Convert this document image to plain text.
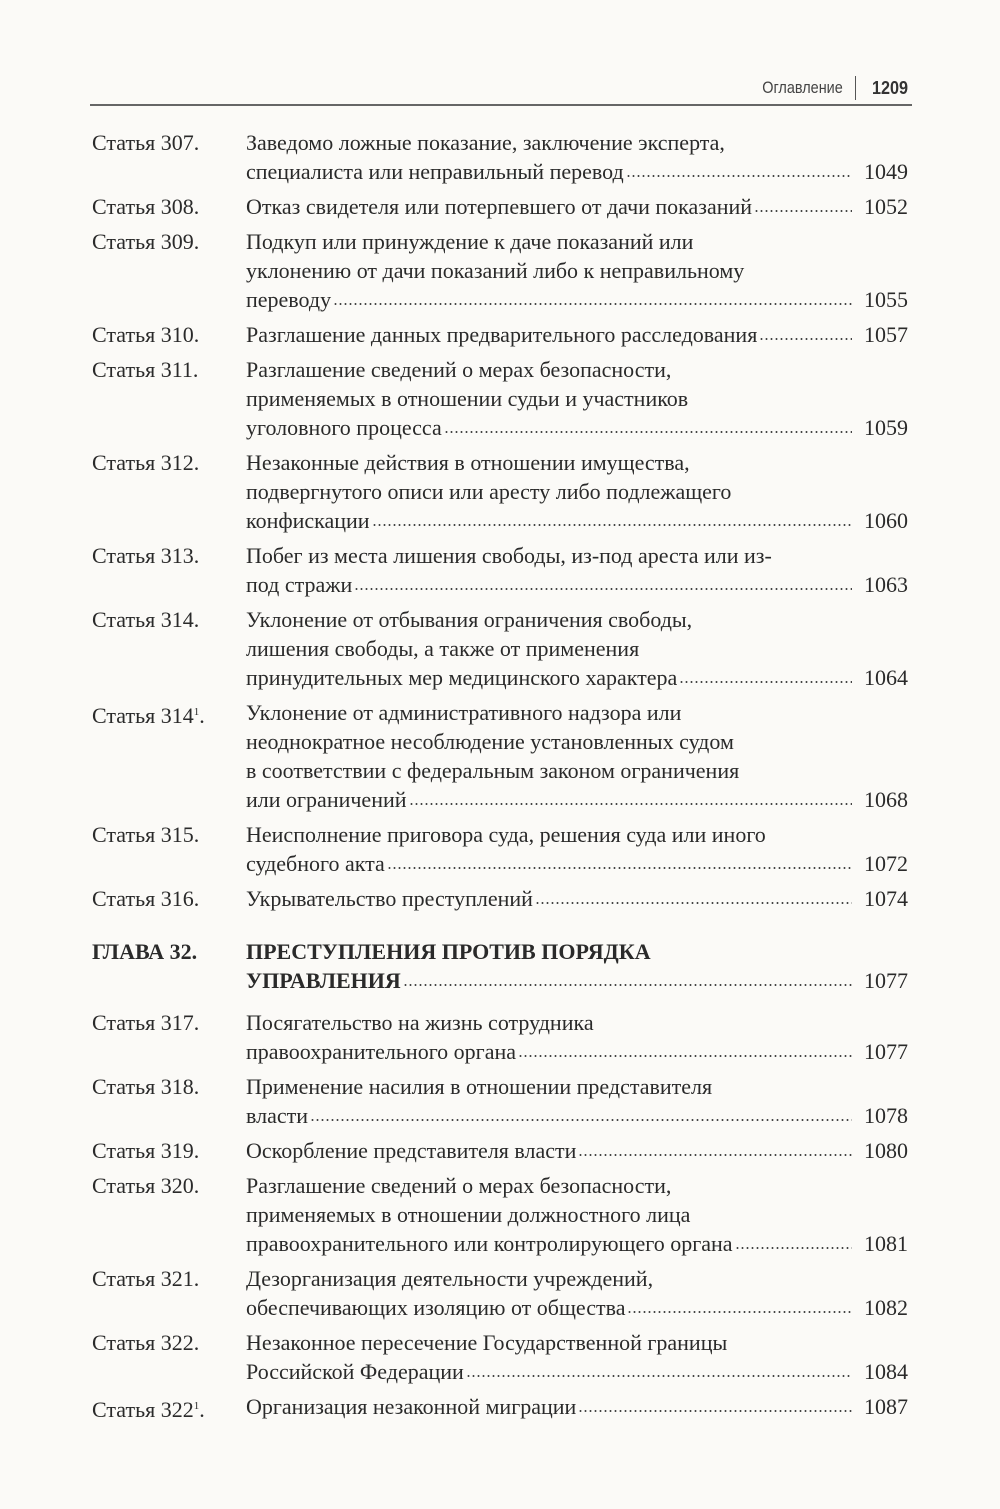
Оглавление 1209
Статья 307.	Заведомо ложные показание, заключение эксперта,
специалиста или неправильный перевод	1049
Статья 308.	Отказ свидетеля или потерпевшего от дачи показаний	1052
Статья 309.	Подкуп или принуждение к даче показаний или
уклонению от дачи показаний либо к неправильному
переводу	1055
Статья 310.	Разглашение данных предварительного расследования	1057
Статья 311.	Разглашение сведений о мерах безопасности,
применяемых в отношении судьи и участников
уголовного процесса	1059
Статья 312.	Незаконные действия в отношении имущества,
подвергнутого описи или аресту либо подлежащего
конфискации	1060
Статья 313.	Побег из места лишения свободы, из-под ареста или из-
под стражи	1063
Статья 314.	Уклонение от отбывания ограничения свободы,
лишения свободы, а также от применения
принудительных мер медицинского характера	1064
Статья $314^1$.	Уклонение от административного надзора или
неоднократное несоблюдение установленных судом
в соответствии с федеральным законом ограничения
или ограничений	1068
Статья 315.	Неисполнение приговора суда, решения суда или иного
судебного акта	1072
Статья 316.	Укрывательство преступлений	1074
ГЛАВА 32.	ПРЕСТУПЛЕНИЯ ПРОТИВ ПОРЯДКА
УПРАВЛЕНИЯ	1077
Статья 317.	Посягательство на жизнь сотрудника
правоохранительного органа	1077
Статья 318.	Применение насилия в отношении представителя
власти	1078
Статья 319.	Оскорбление представителя власти	1080
Статья 320.	Разглашение сведений о мерах безопасности,
применяемых в отношении должностного лица
правоохранительного или контролирующего органа	1081
Статья 321.	Дезорганизация деятельности учреждений,
обеспечивающих изоляцию от общества	1082
Статья 322.	Незаконное пересечение Государственной границы
Российской Федерации	1084
Статья $322^1$.	Организация незаконной миграции	1087
